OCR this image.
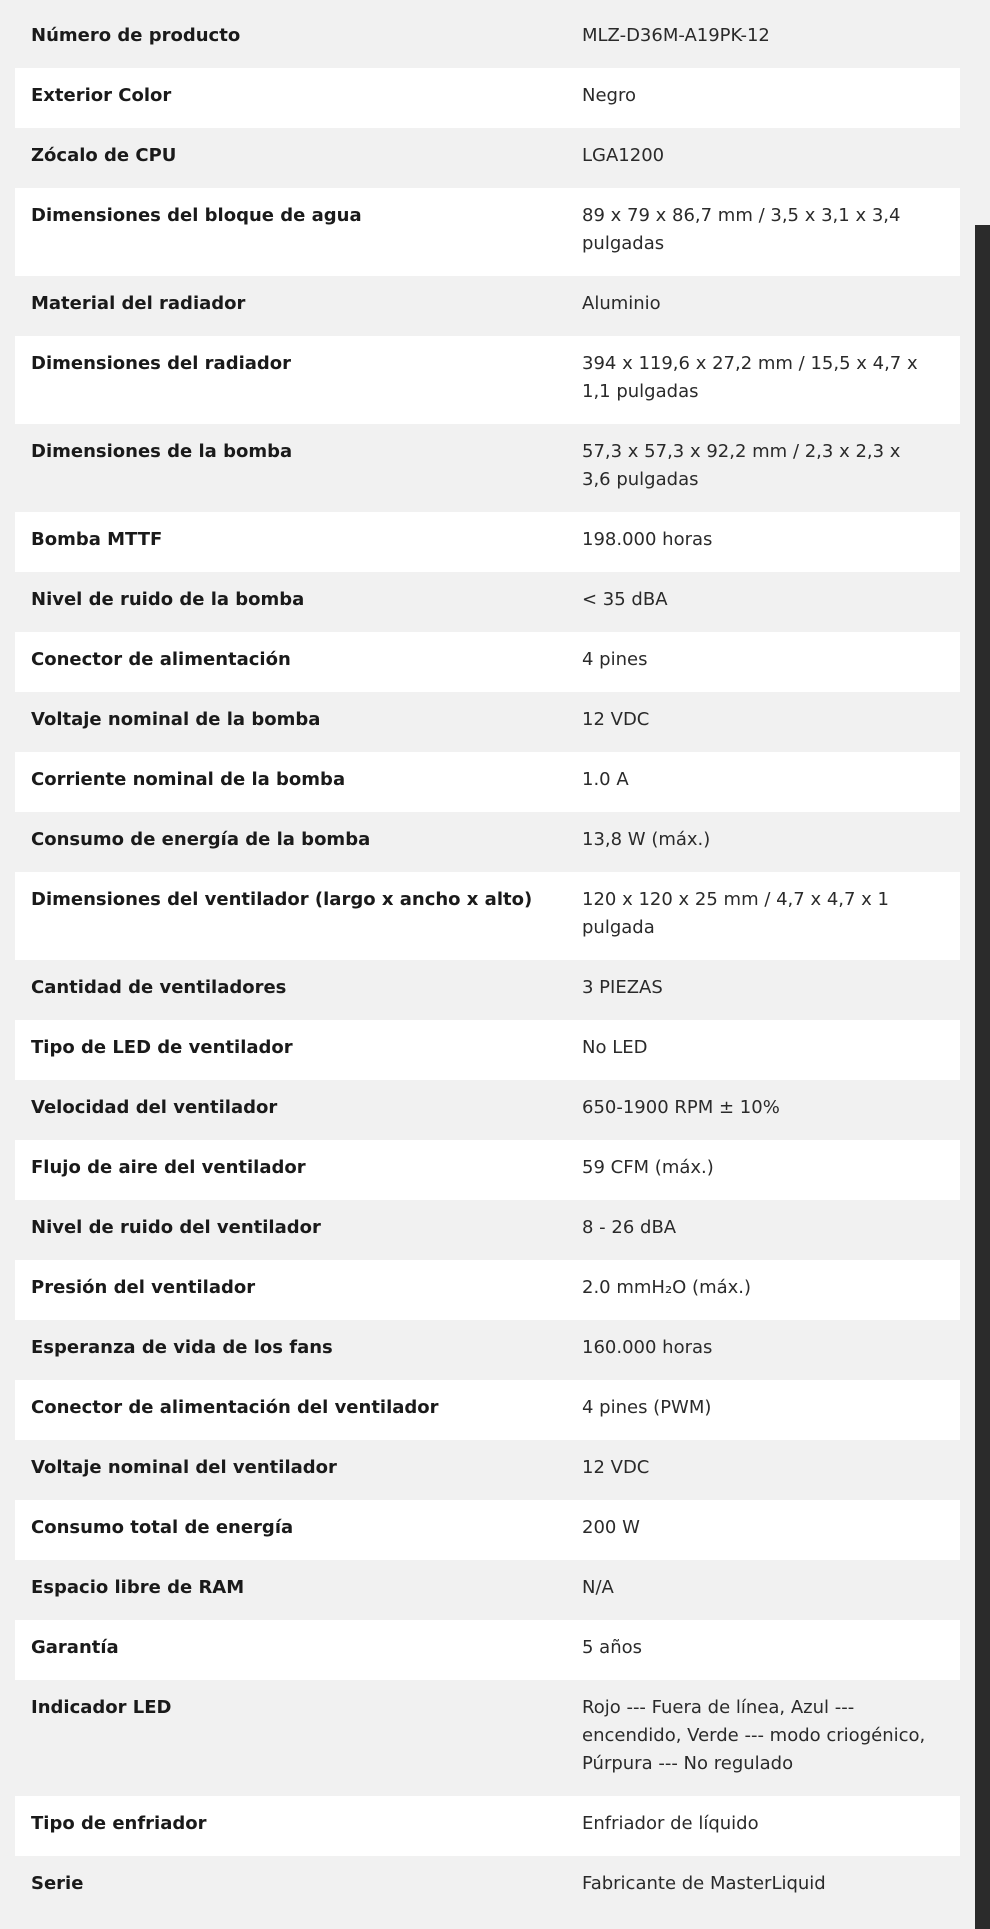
Número de producto	MLZ-D36M-A19PK-12
Exterior Color	Negro
Zócalo de CPU	LGA1200
Dimensiones del bloque de agua	89 x 79 x 86,7 mm / 3,5 x 3,1 x 3,4 pulgadas
Material del radiador	Aluminio
Dimensiones del radiador	394 x 119,6 x 27,2 mm / 15,5 x 4,7 x 1,1 pulgadas
Dimensiones de la bomba	57,3 x 57,3 x 92,2 mm / 2,3 x 2,3 x 3,6 pulgadas
Bomba MTTF	198.000 horas
Nivel de ruido de la bomba	< 35 dBA
Conector de alimentación	4 pines
Voltaje nominal de la bomba	12 VDC
Corriente nominal de la bomba	1.0 A
Consumo de energía de la bomba	13,8 W (máx.)
Dimensiones del ventilador (largo x ancho x alto)	120 x 120 x 25 mm / 4,7 x 4,7 x 1 pulgada
Cantidad de ventiladores	3 PIEZAS
Tipo de LED de ventilador	No LED
Velocidad del ventilador	650-1900 RPM ± 10%
Flujo de aire del ventilador	59 CFM (máx.)
Nivel de ruido del ventilador	8 - 26 dBA
Presión del ventilador	2.0 mmH₂O (máx.)
Esperanza de vida de los fans	160.000 horas
Conector de alimentación del ventilador	4 pines (PWM)
Voltaje nominal del ventilador	12 VDC
Consumo total de energía	200 W
Espacio libre de RAM	N/A
Garantía	5 años
Indicador LED	Rojo --- Fuera de línea, Azul --- encendido, Verde --- modo criogénico, Púrpura --- No regulado
Tipo de enfriador	Enfriador de líquido
Serie	Fabricante de MasterLiquid
